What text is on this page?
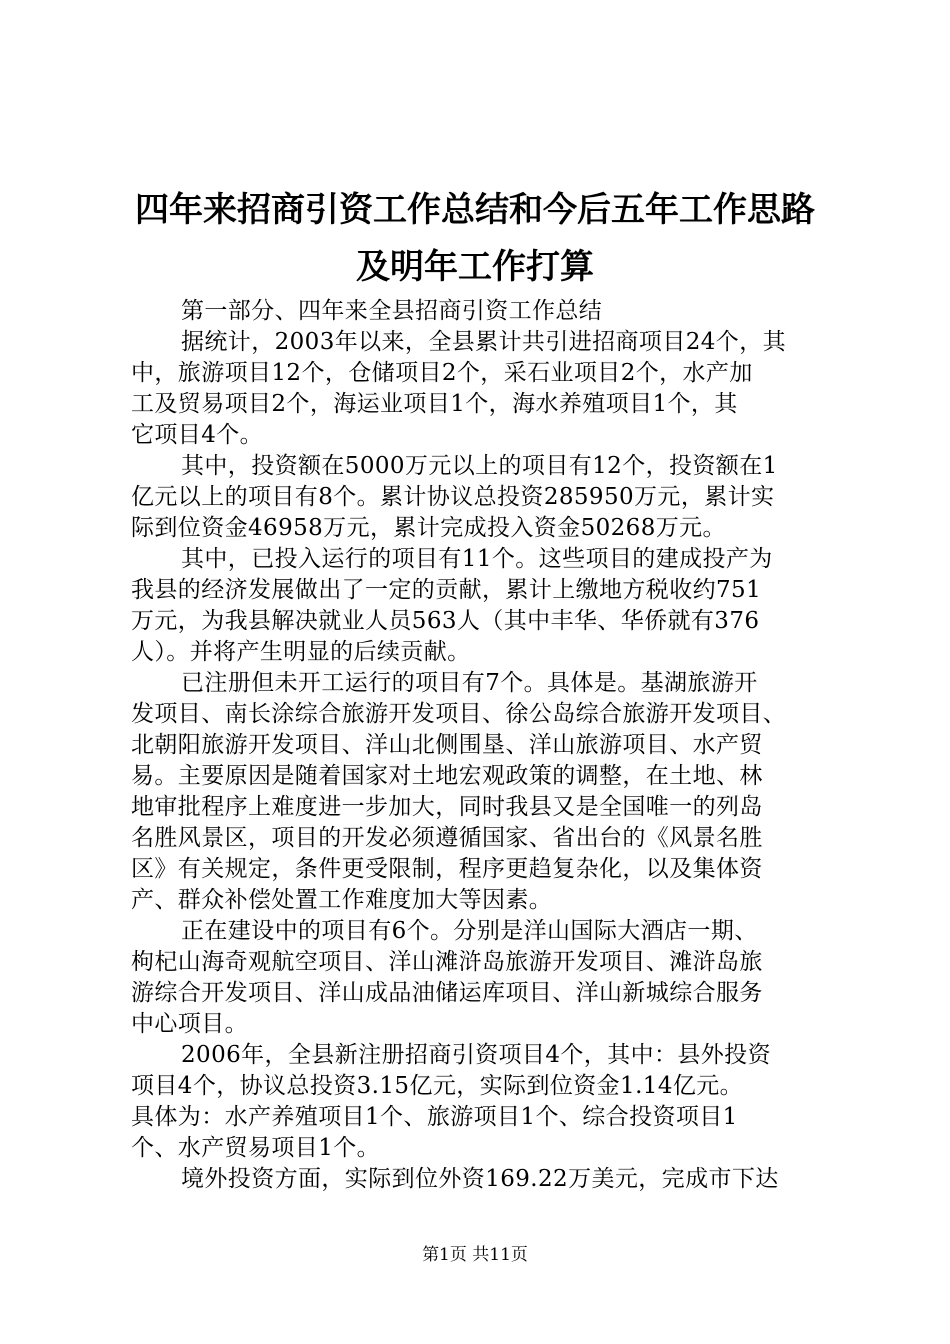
四年来招商引资工作总结和今后五年工作思路
及明年工作打算

第一部分、四年来全县招商引资工作总结

据统计，2003年以来，全县累计共引进招商项目24个，其
中，旅游项目12个，仓储项目2个，采石业项目2个，水产加
工及贸易项目2个，海运业项目1个，海水养殖项目1个，其
它项目4个。

其中，投资额在5000万元以上的项目有12个，投资额在1
亿元以上的项目有8个。累计协议总投资285950万元，累计实
际到位资金46958万元，累计完成投入资金50268万元。

其中，已投入运行的项目有11个。这些项目的建成投产为
我县的经济发展做出了一定的贡献，累计上缴地方税收约751
万元，为我县解决就业人员563人（其中丰华、华侨就有376
人）。并将产生明显的后续贡献。

已注册但未开工运行的项目有7个。具体是。基湖旅游开
发项目、南长涂综合旅游开发项目、徐公岛综合旅游开发项目、
北朝阳旅游开发项目、洋山北侧围垦、洋山旅游项目、水产贸
易。主要原因是随着国家对土地宏观政策的调整，在土地、林
地审批程序上难度进一步加大，同时我县又是全国唯一的列岛
名胜风景区，项目的开发必须遵循国家、省出台的《风景名胜
区》有关规定，条件更受限制，程序更趋复杂化，以及集体资
产、群众补偿处置工作难度加大等因素。

正在建设中的项目有6个。分别是洋山国际大酒店一期、
枸杞山海奇观航空项目、洋山滩浒岛旅游开发项目、滩浒岛旅
游综合开发项目、洋山成品油储运库项目、洋山新城综合服务
中心项目。

2006年，全县新注册招商引资项目4个，其中：县外投资
项目4个，协议总投资3.15亿元，实际到位资金1.14亿元。
具体为：水产养殖项目1个、旅游项目1个、综合投资项目1
个、水产贸易项目1个。

境外投资方面，实际到位外资169.22万美元，完成市下达

第1页 共11页
